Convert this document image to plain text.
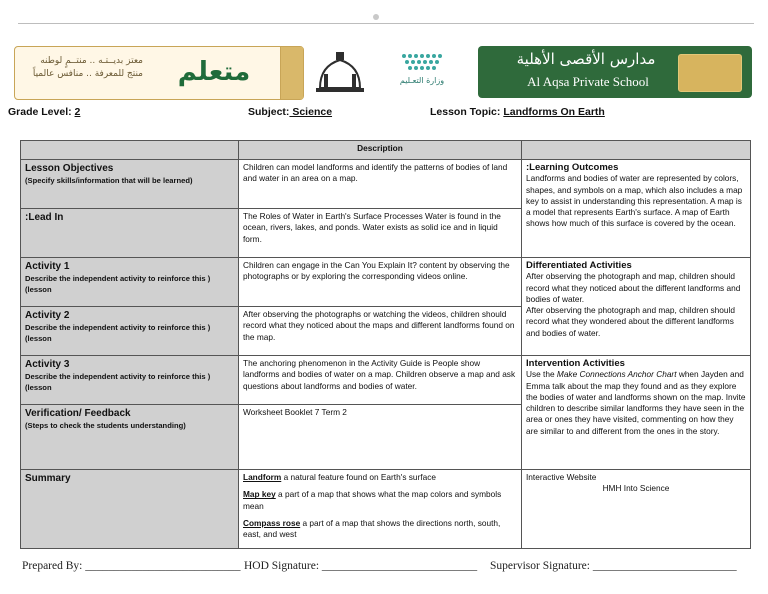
معتز بديــتـه .. منتــمٍ لوطنه
منتج للمعرفة .. منافس عالمياً	متعلم	وزارة التعـليم
مدارس الأقصى الأهلية
Al Aqsa Private School
Grade Level: 2	Subject: Science	Lesson Topic: Landforms On Earth
	Description	

Lesson Objectives
(Specify skills/information that will be learned)	Children can model landforms and identify the patterns of bodies of land and water in an area on a map.	:Learning Outcomes
Landforms and bodies of water are represented by colors, shapes, and symbols on a map, which also includes a map key to assist in understanding this representation. A map is a model that represents Earth's surface. A map of Earth shows how much of this surface is covered by the ocean.

:Lead In	The Roles of Water in Earth's Surface Processes Water is found in the ocean, rivers, lakes, and ponds. Water exists as solid ice and in liquid form.	

Activity 1
Describe the independent activity to reinforce this ) (lesson	Children can engage in the Can You Explain It? content by observing the photographs or by exploring the corresponding videos online.	Differentiated Activities
After observing the photograph and map, children should record what they noticed about the different landforms and bodies of water.
After observing the photograph and map, children should record what they wondered about the different landforms and bodies of water.

Activity 2
Describe the independent activity to reinforce this ) (lesson	After observing the photographs or watching the videos, children should record what they noticed about the maps and different landforms found on the map.	

Activity 3
Describe the independent activity to reinforce this ) (lesson	The anchoring phenomenon in the Activity Guide is People show landforms and bodies of water on a map. Children observe a map and ask questions about landforms and bodies of water.	Intervention Activities
Use the Make Connections Anchor Chart when Jayden and Emma talk about the map they found and as they explore the bodies of water and landforms shown on the map. Invite children to describe similar landforms they have seen in the area or ones they have visited, commenting on how they are similar to and different from the ones in the story.

Verification/ Feedback
(Steps to check the students understanding)	Worksheet Booklet 7 Term 2	

Summary	Landform a natural feature found on Earth's surface
Map key a part of a map that shows what the map colors and symbols mean
Compass rose a part of a map that shows the directions north, south, east, and west	Interactive Website
HMH Into Science
Prepared By: ___________________________ HOD Signature: ___________________________ Supervisor Signature: _________________________
